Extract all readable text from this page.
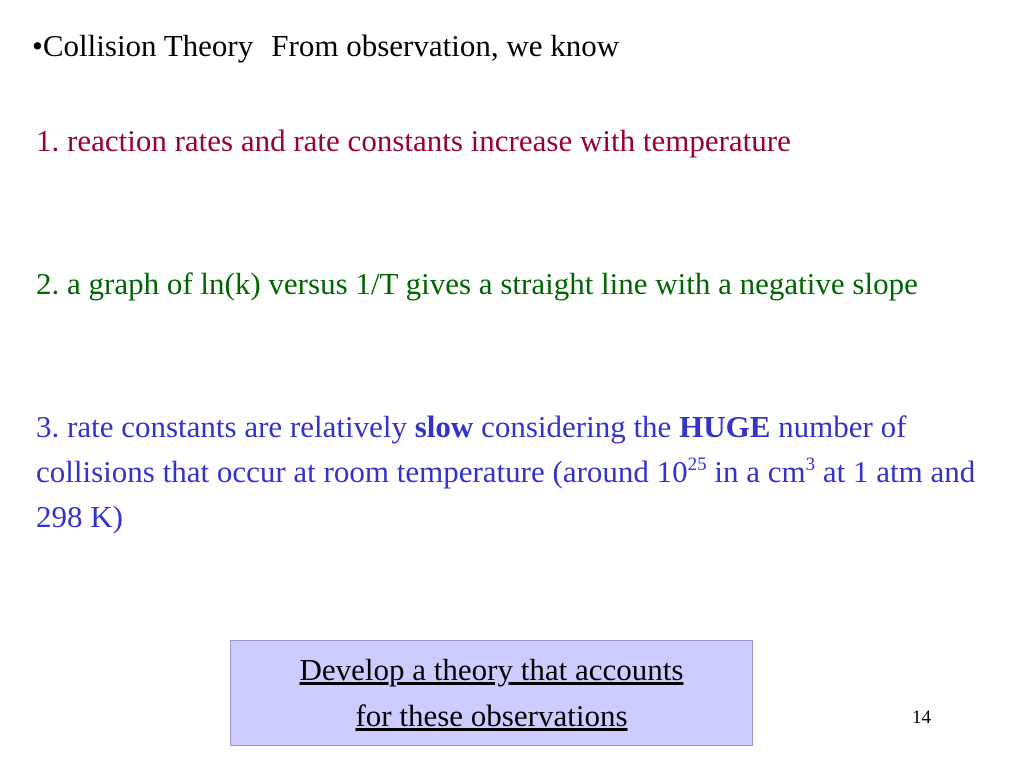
•Collision Theory From observation, we know
1. reaction rates and rate constants increase with temperature
2. a graph of ln(k) versus 1/T gives a straight line with a negative slope
3. rate constants are relatively slow considering the HUGE number of collisions that occur at room temperature (around $10^{25}$ in a $cm^3$ at 1 atm and 298 K)
Develop a theory that accounts
for these observations	14
